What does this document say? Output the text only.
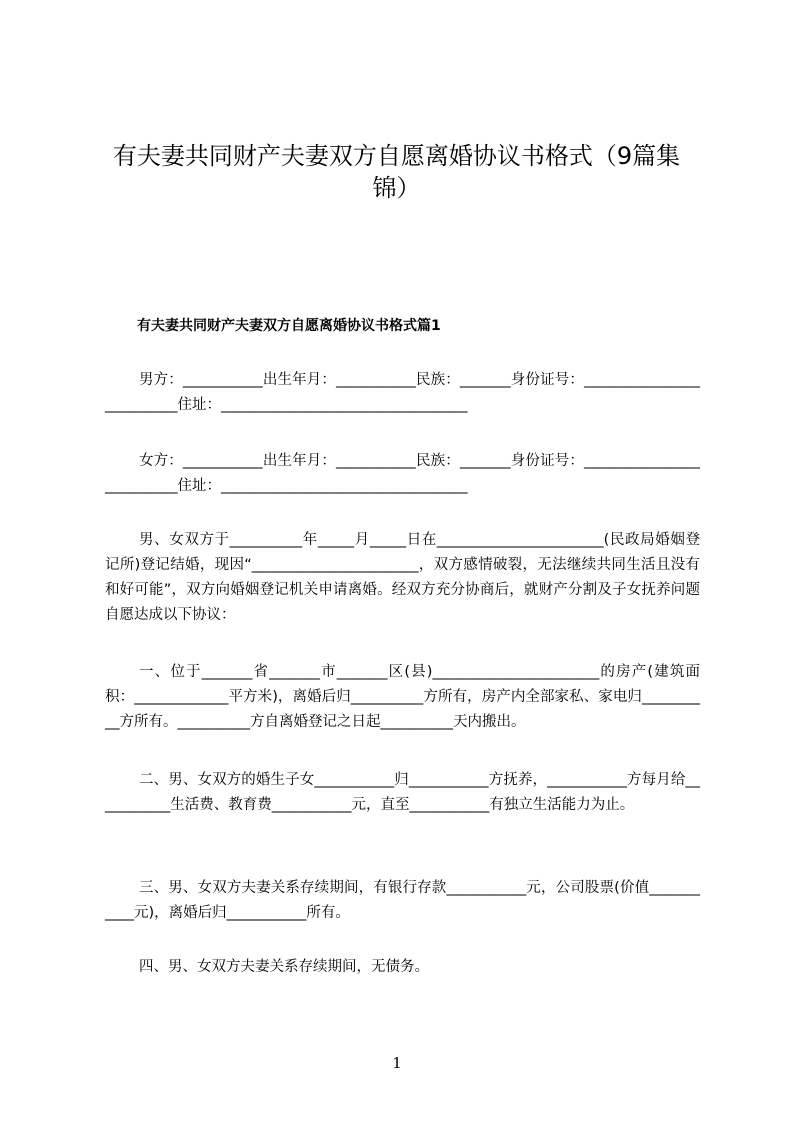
有夫妻共同财产夫妻双方自愿离婚协议书格式（9篇集锦）
有夫妻共同财产夫妻双方自愿离婚协议书格式篇1
男方：___________出生年月：___________民族：_______身份证号：__________________________住址：__________________________________
女方：___________出生年月：___________民族：_______身份证号：__________________________住址：__________________________________
男、女双方于__________年_____月_____日在_______________________(民政局婚姻登记所)登记结婚，现因“_______________________，双方感情破裂，无法继续共同生活且没有和好可能”，双方向婚姻登记机关申请离婚。经双方充分协商后，就财产分割及子女抚养问题自愿达成以下协议：
一、位于_______省_______市_______区(县)_______________________的房产(建筑面积：_____________平方米)，离婚后归__________方所有，房产内全部家私、家电归__________方所有。__________方自离婚登记之日起__________天内搬出。
二、男、女双方的婚生子女___________归___________方抚养，___________方每月给___________生活费、教育费___________元，直至___________有独立生活能力为止。
三、男、女双方夫妻关系存续期间，有银行存款___________元，公司股票(价值___________元)，离婚后归___________所有。
四、男、女双方夫妻关系存续期间，无债务。
1
